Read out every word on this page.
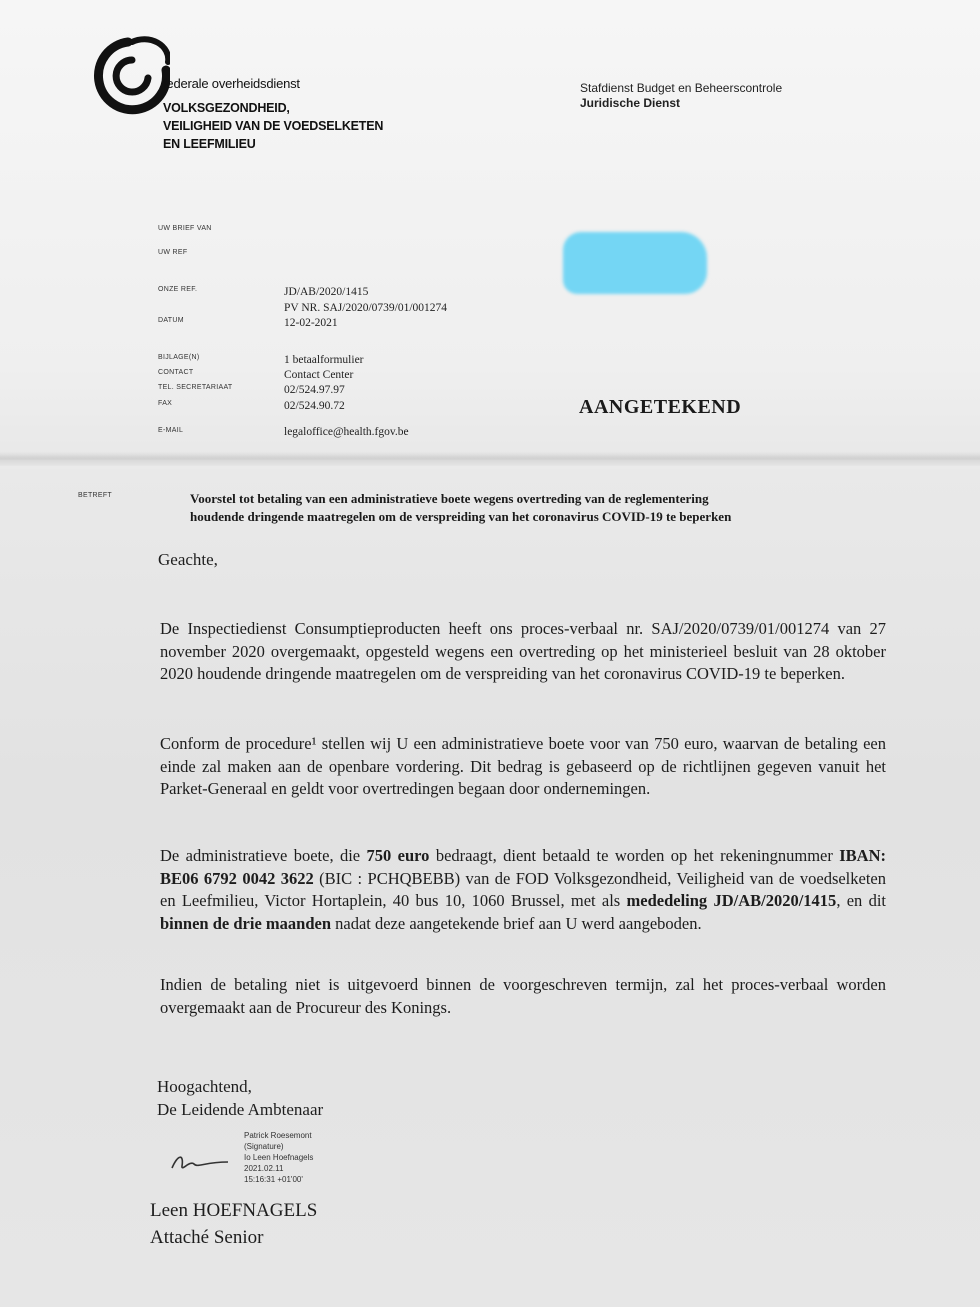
federale overheidsdienst
VOLKSGEZONDHEID,
VEILIGHEID VAN DE VOEDSELKETEN
EN LEEFMILIEU
Stafdienst Budget en Beheerscontrole
Juridische Dienst
UW BRIEF VAN
UW REF
ONZE REF.	JD/AB/2020/1415
PV NR. SAJ/2020/0739/01/001274
DATUM	12-02-2021
BIJLAGE(N)	1 betaalformulier
CONTACT	Contact Center
TEL. SECRETARIAAT	02/524.97.97
FAX	02/524.90.72
E-MAIL	legaloffice@health.fgov.be
AANGETEKEND
BETREFT	Voorstel tot betaling van een administratieve boete wegens overtreding van de reglementering
houdende dringende maatregelen om de verspreiding van het coronavirus COVID-19 te beperken
Geachte,
De Inspectiedienst Consumptieproducten heeft ons proces-verbaal nr. SAJ/2020/0739/01/001274 van 27 november 2020 overgemaakt, opgesteld wegens een overtreding op het ministerieel besluit van 28 oktober 2020 houdende dringende maatregelen om de verspreiding van het coronavirus COVID-19 te beperken.
Conform de procedure¹ stellen wij U een administratieve boete voor van 750 euro, waarvan de betaling een einde zal maken aan de openbare vordering. Dit bedrag is gebaseerd op de richtlijnen gegeven vanuit het Parket-Generaal en geldt voor overtredingen begaan door ondernemingen.
De administratieve boete, die 750 euro bedraagt, dient betaald te worden op het rekeningnummer IBAN: BE06 6792 0042 3622 (BIC : PCHQBEBB) van de FOD Volksgezondheid, Veiligheid van de voedselketen en Leefmilieu, Victor Hortaplein, 40 bus 10, 1060 Brussel, met als mededeling JD/AB/2020/1415, en dit binnen de drie maanden nadat deze aangetekende brief aan U werd aangeboden.
Indien de betaling niet is uitgevoerd binnen de voorgeschreven termijn, zal het proces-verbaal worden overgemaakt aan de Procureur des Konings.
Hoogachtend,
De Leidende Ambtenaar
Patrick Roesemont
(Signature)
Io Leen Hoefnagels
2021.02.11
15:16:31 +01'00'
Leen HOEFNAGELS
Attaché Senior
